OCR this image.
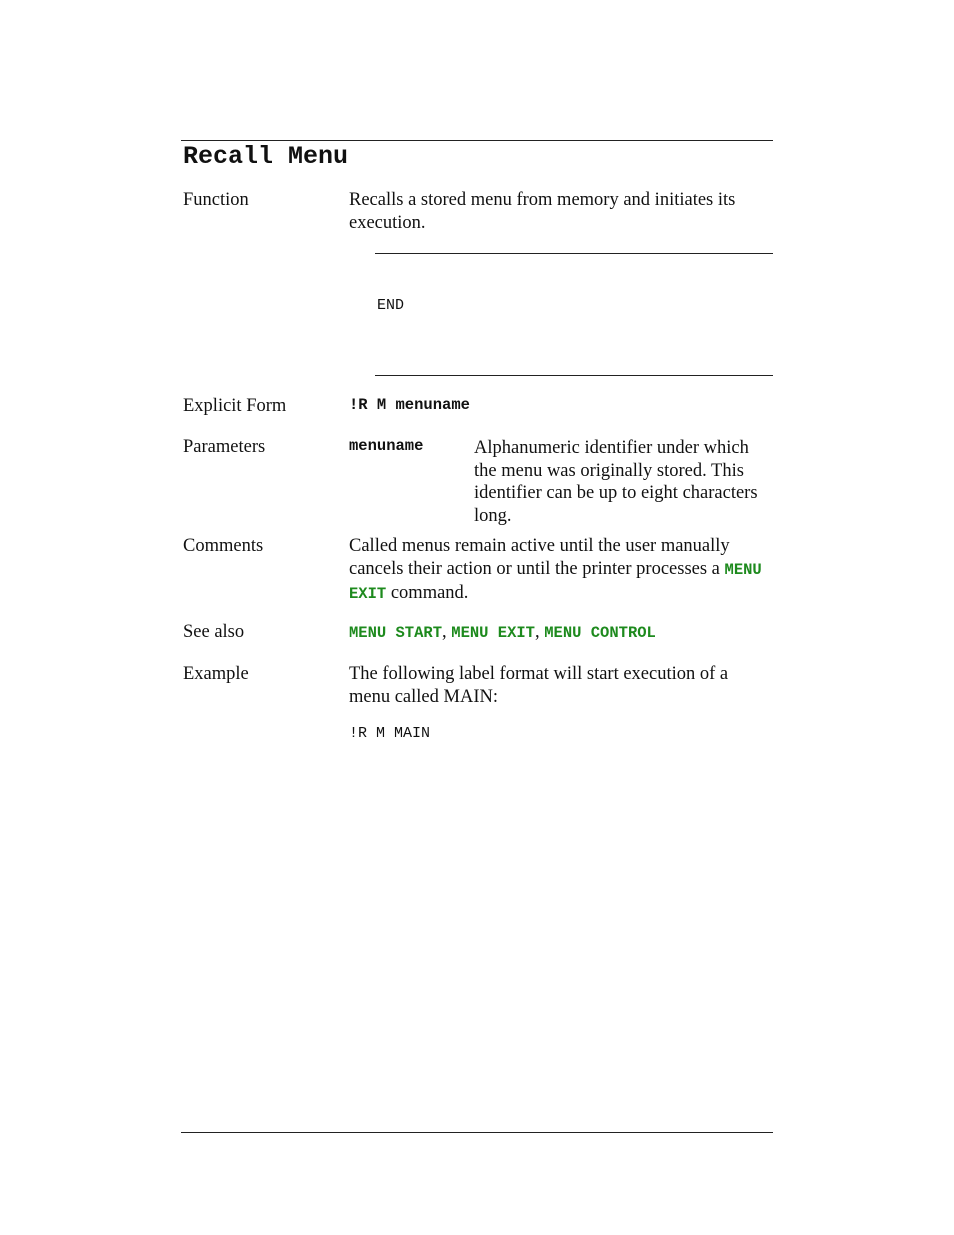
Recall Menu
Function	Recalls a stored menu from memory and initiates its execution.
END
Explicit Form	!R M menuname
Parameters	menuname	Alphanumeric identifier under which the menu was originally stored. This identifier can be up to eight characters long.
Comments	Called menus remain active until the user manually cancels their action or until the printer processes a MENU EXIT command.
See also	MENU START, MENU EXIT, MENU CONTROL
Example	The following label format will start execution of a menu called MAIN:
!R M MAIN
